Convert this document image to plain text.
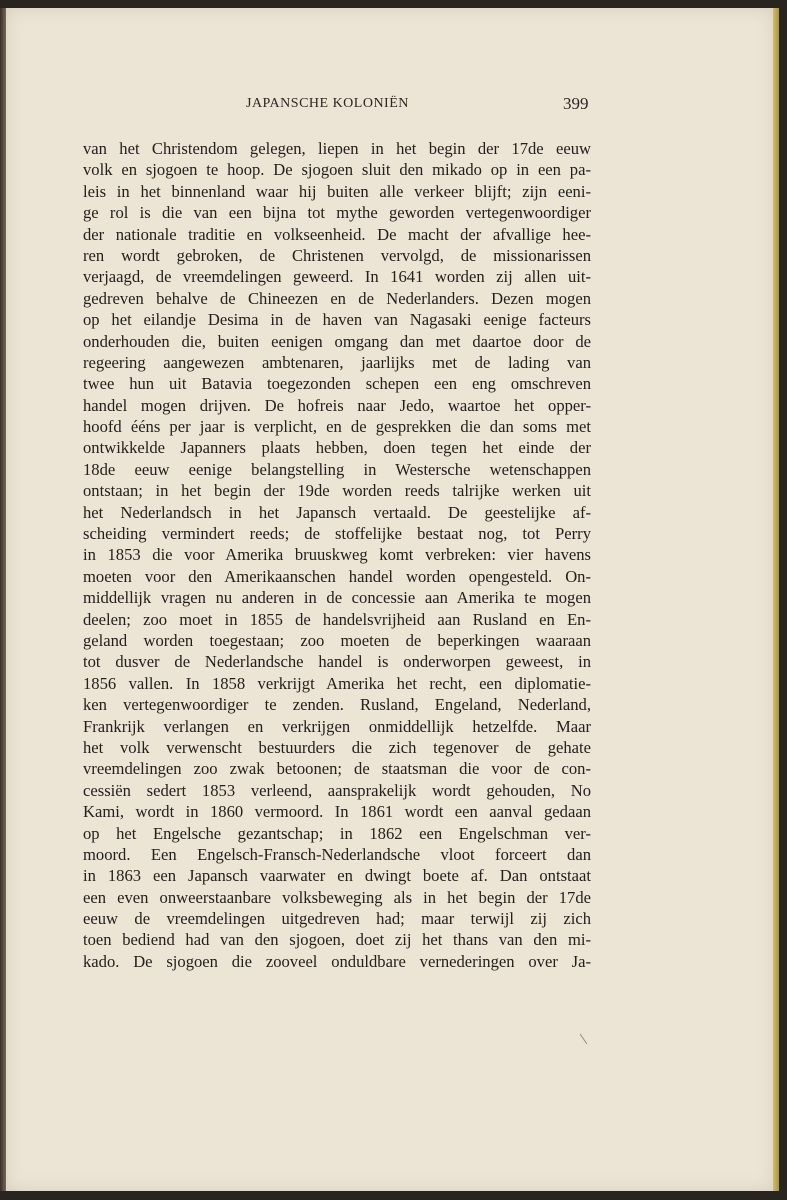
JAPANSCHE KOLONIËN	399
van het Christendom gelegen, liepen in het begin der 17de eeuw
volk en sjogoen te hoop. De sjogoen sluit den mikado op in een pa-
leis in het binnenland waar hij buiten alle verkeer blijft; zijn eeni-
ge rol is die van een bijna tot mythe geworden vertegenwoordiger
der nationale traditie en volkseenheid. De macht der afvallige hee-
ren wordt gebroken, de Christenen vervolgd, de missionarissen
verjaagd, de vreemdelingen geweerd. In 1641 worden zij allen uit-
gedreven behalve de Chineezen en de Nederlanders. Dezen mogen
op het eilandje Desima in de haven van Nagasaki eenige facteurs
onderhouden die, buiten eenigen omgang dan met daartoe door de
regeering aangewezen ambtenaren, jaarlijks met de lading van
twee hun uit Batavia toegezonden schepen een eng omschreven
handel mogen drijven. De hofreis naar Jedo, waartoe het opper-
hoofd ééns per jaar is verplicht, en de gesprekken die dan soms met
ontwikkelde Japanners plaats hebben, doen tegen het einde der
18de eeuw eenige belangstelling in Westersche wetenschappen
ontstaan; in het begin der 19de worden reeds talrijke werken uit
het Nederlandsch in het Japansch vertaald. De geestelijke af-
scheiding vermindert reeds; de stoffelijke bestaat nog, tot Perry
in 1853 die voor Amerika bruuskweg komt verbreken: vier havens
moeten voor den Amerikaanschen handel worden opengesteld. On-
middellijk vragen nu anderen in de concessie aan Amerika te mogen
deelen; zoo moet in 1855 de handelsvrijheid aan Rusland en En-
geland worden toegestaan; zoo moeten de beperkingen waaraan
tot dusver de Nederlandsche handel is onderworpen geweest, in
1856 vallen. In 1858 verkrijgt Amerika het recht, een diplomatie-
ken vertegenwoordiger te zenden. Rusland, Engeland, Nederland,
Frankrijk verlangen en verkrijgen onmiddellijk hetzelfde. Maar
het volk verwenscht bestuurders die zich tegenover de gehate
vreemdelingen zoo zwak betoonen; de staatsman die voor de con-
cessiën sedert 1853 verleend, aansprakelijk wordt gehouden, No
Kami, wordt in 1860 vermoord. In 1861 wordt een aanval gedaan
op het Engelsche gezantschap; in 1862 een Engelschman ver-
moord. Een Engelsch-Fransch-Nederlandsche vloot forceert dan
in 1863 een Japansch vaarwater en dwingt boete af. Dan ontstaat
een even onweerstaanbare volksbeweging als in het begin der 17de
eeuw de vreemdelingen uitgedreven had; maar terwijl zij zich
toen bediend had van den sjogoen, doet zij het thans van den mi-
kado. De sjogoen die zooveel onduldbare vernederingen over Ja-
